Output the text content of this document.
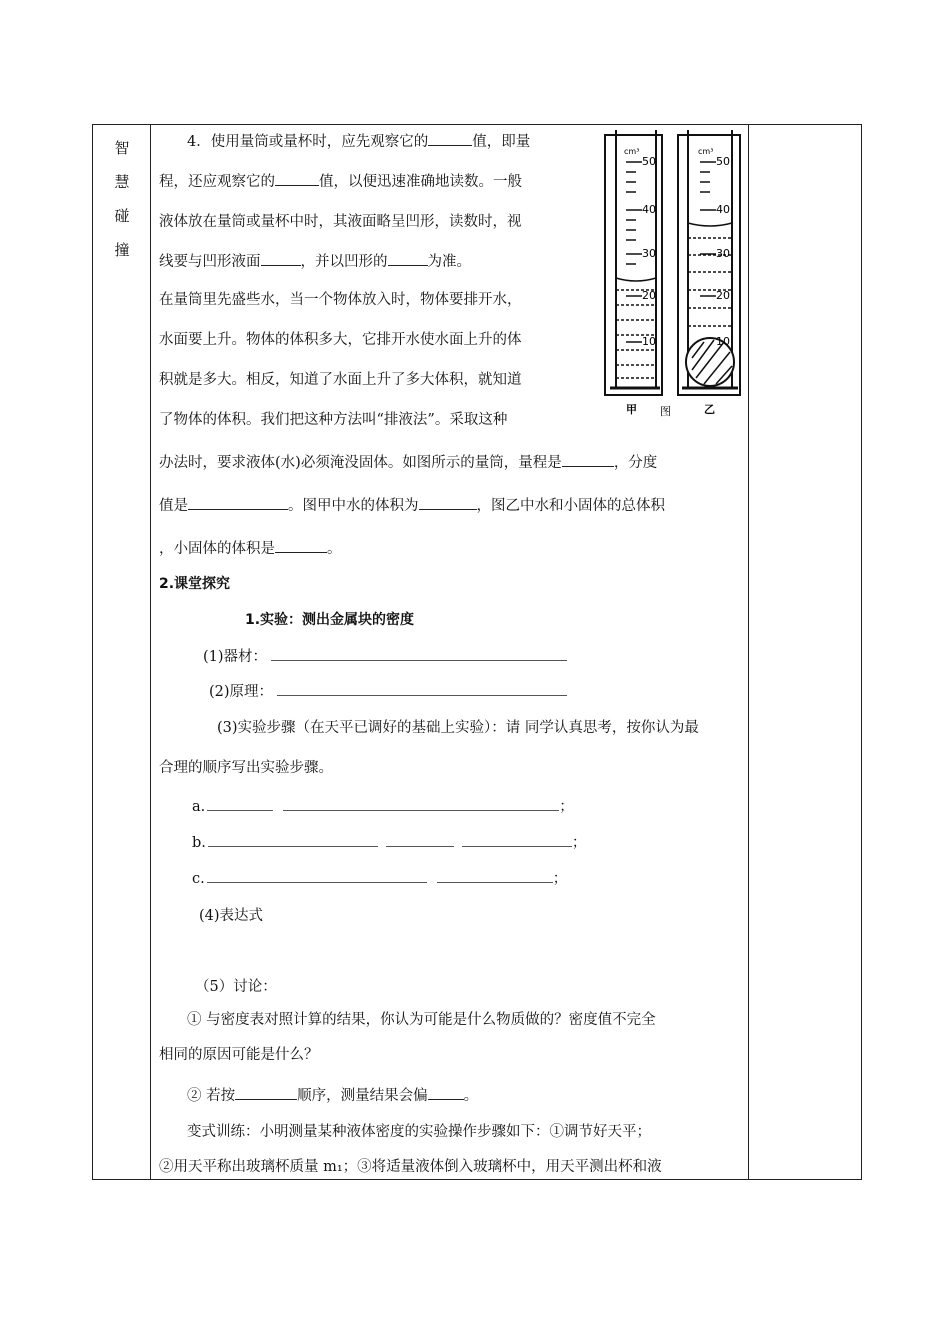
智
慧
碰
撞
4．使用量筒或量杯时，应先观察它的	值，即量
程，还应观察它的	值，以便迅速准确地读数。一般
液体放在量筒或量杯中时，其液面略呈凹形，读数时，视
线要与凹形液面	，并以凹形的	为准。
在量筒里先盛些水，当一个物体放入时，物体要排开水，
水面要上升。物体的体积多大，它排开水使水面上升的体
积就是多大。相反，知道了水面上升了多大体积，就知道
了物体的体积。我们把这种方法叫“排液法”。采取这种
办法时，要求液体(水)必须淹没固体。如图所示的量筒，量程是	，分度
值是	。图甲中水的体积为	，图乙中水和小固体的总体积
，小固体的体积是	。
2.课堂探究
1.实验：测出金属块的密度
(1)器材：
(2)原理：
(3)实验步骤（在天平已调好的基础上实验）：请 同学认真思考，按你认为最
合理的顺序写出实验步骤。
a.	；
b.	；
c.	；
(4)表达式
（5）讨论：
① 与密度表对照计算的结果，你认为可能是什么物质做的？密度值不完全
相同的原因可能是什么？
② 若按	顺序，测量结果会偏 。
变式训练：小明测量某种液体密度的实验操作步骤如下：①调节好天平；
②用天平称出玻璃杯质量 m₁；③将适量液体倒入玻璃杯中，用天平测出杯和液
cm³
50
40
30
20
10
cm³
50
40
30
20
10
甲 图	乙
